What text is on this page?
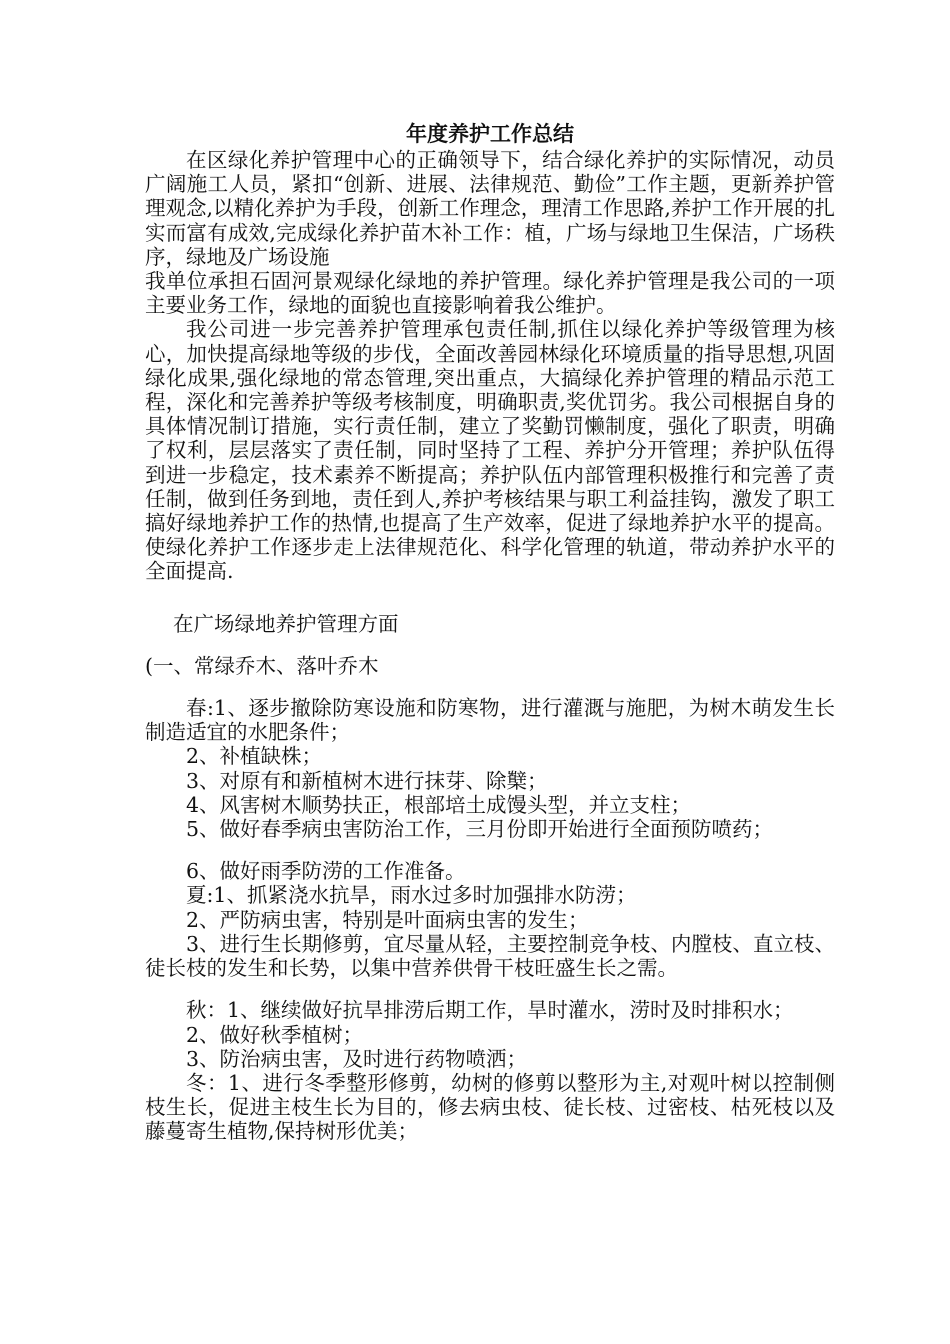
年度养护工作总结

在区绿化养护管理中心的正确领导下，结合绿化养护的实际情况，动员广阔施工人员，紧扣“创新、进展、法律规范、勤俭”工作主题，更新养护管理观念,以精化养护为手段，创新工作理念，理清工作思路,养护工作开展的扎实而富有成效,完成绿化养护苗木补工作：植，广场与绿地卫生保洁，广场秩序，绿地及广场设施

我单位承担石固河景观绿化绿地的养护管理。绿化养护管理是我公司的一项主要业务工作，绿地的面貌也直接影响着我公维护。

我公司进一步完善养护管理承包责任制,抓住以绿化养护等级管理为核心，加快提高绿地等级的步伐，全面改善园林绿化环境质量的指导思想,巩固绿化成果,强化绿地的常态管理,突出重点，大搞绿化养护管理的精品示范工程，深化和完善养护等级考核制度，明确职责,奖优罚劣。我公司根据自身的具体情况制订措施，实行责任制，建立了奖勤罚懒制度，强化了职责，明确了权利，层层落实了责任制，同时坚持了工程、养护分开管理；养护队伍得到进一步稳定，技术素养不断提高；养护队伍内部管理积极推行和完善了责任制，做到任务到地，责任到人,养护考核结果与职工利益挂钩，激发了职工搞好绿地养护工作的热情,也提高了生产效率，促进了绿地养护水平的提高。使绿化养护工作逐步走上法律规范化、科学化管理的轨道，带动养护水平的全面提高.

在广场绿地养护管理方面

(一、常绿乔木、落叶乔木

春:1、逐步撤除防寒设施和防寒物，进行灌溉与施肥，为树木萌发生长制造适宜的水肥条件；

2、补植缺株；

3、对原有和新植树木进行抹芽、除櫱；

4、风害树木顺势扶正，根部培土成馒头型，并立支柱；

5、做好春季病虫害防治工作，三月份即开始进行全面预防喷药；

6、做好雨季防涝的工作准备。

夏:1、抓紧浇水抗旱，雨水过多时加强排水防涝；

2、严防病虫害，特别是叶面病虫害的发生；

3、进行生长期修剪，宜尽量从轻，主要控制竞争枝、内膛枝、直立枝、徒长枝的发生和长势，以集中营养供骨干枝旺盛生长之需。

秋：1、继续做好抗旱排涝后期工作，旱时灌水，涝时及时排积水；

2、做好秋季植树；

3、防治病虫害，及时进行药物喷洒；

冬：1、进行冬季整形修剪，幼树的修剪以整形为主,对观叶树以控制侧枝生长，促进主枝生长为目的，修去病虫枝、徒长枝、过密枝、枯死枝以及藤蔓寄生植物,保持树形优美；
